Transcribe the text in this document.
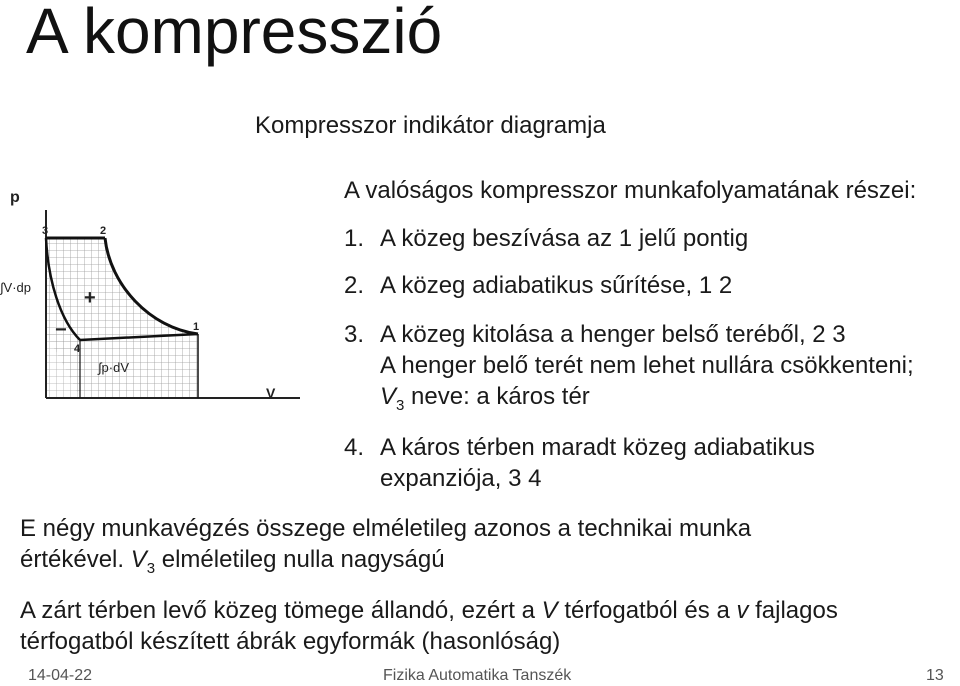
A kompresszió
Kompresszor indikátor diagramja
p
V
3	2
1
4
∫V·dp
∫p·dV
+
−
A valóságos kompresszor munkafolyamatának részei:
1. A közeg beszívása az 1 jelű pontig
2. A közeg adiabatikus sűrítése, 1 2
3. A közeg kitolása a henger belső teréből, 2 3
A henger belő terét nem lehet nullára csökkenteni;
$V_3$ neve: a káros tér
4. A káros térben maradt közeg adiabatikus
expanziója, 3 4
E négy munkavégzés összege elméletileg azonos a technikai munka
értékével. $V_3$ elméletileg nulla nagyságú
A zárt térben levő közeg tömege állandó, ezért a V térfogatból és a v fajlagos
térfogatból készített ábrák egyformák (hasonlóság)
14-04-22	Fizika Automatika Tanszék	13
